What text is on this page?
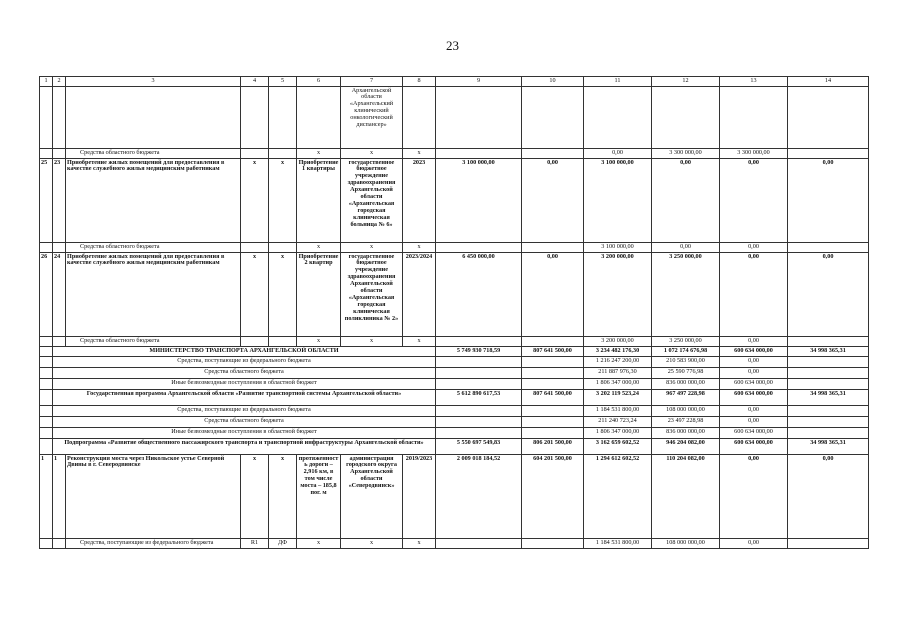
23
1	2	3	4	5	6	7	8	9	10	11	12	13	14
						Архангельской области «Архангельский клинический онкологический диспансер»							
		Средства областного бюджета			x	x	x			0,00	3 300 000,00	3 300 000,00	
25	23	Приобретение жилых помещений для предоставления в качестве служебного жилья медицинским работникам	x	x	Приобретение 1 квартиры	государственное бюджетное учреждение здравоохранения Архангельской области «Архангельская городская клиническая больница № 6»	2023	3 100 000,00	0,00	3 100 000,00	0,00	0,00	0,00
		Средства областного бюджета			x	x	x			3 100 000,00	0,00	0,00	
26	24	Приобретение жилых помещений для предоставления в качестве служебного жилья медицинским работникам	x	x	Приобретение 2 квартир	государственное бюджетное учреждение здравоохранения Архангельской области «Архангельская городская клиническая поликлиника № 2»	2023/2024	6 450 000,00	0,00	3 200 000,00	3 250 000,00	0,00	0,00
		Средства областного бюджета			x	x	x			3 200 000,00	3 250 000,00	0,00	
	МИНИСТЕРСТВО ТРАНСПОРТА АРХАНГЕЛЬСКОЙ ОБЛАСТИ							5 749 930 718,59	807 641 500,00	3 234 482 176,30	1 072 174 676,98	600 634 000,00	34 998 365,31
	Средства, поступающие из федерального бюджета									1 216 247 200,00	210 583 900,00	0,00	
	Средства областного бюджета									211 887 976,30	25 590 776,98	0,00	
	Иные безвозмездные поступления в областной бюджет									1 806 347 000,00	836 000 000,00	600 634 000,00	
	Государственная программа Архангельской области «Развитие транспортной системы Архангельской области»							5 612 890 617,53	807 641 500,00	3 202 119 523,24	967 497 228,98	600 634 000,00	34 998 365,31
	Средства, поступающие из федерального бюджета									1 184 531 800,00	108 000 000,00	0,00	
	Средства областного бюджета									211 240 723,24	23 497 228,98	0,00	
	Иные безвозмездные поступления в областной бюджет									1 806 347 000,00	836 000 000,00	600 634 000,00	
	Подпрограмма «Развитие общественного пассажирского транспорта и транспортной инфраструктуры Архангельской области»							5 550 697 549,83	806 201 500,00	3 162 659 602,52	946 204 082,00	600 634 000,00	34 998 365,31
1	1	Реконструкция моста через Никольское устье Северной Двины в г. Северодвинске	x	x	протяженность дороги – 2,916 км, в том числе моста – 185,8 пог. м	администрация городского округа Архангельской области «Северодвинск»	2019/2023	2 009 018 184,52	604 201 500,00	1 294 612 602,52	110 204 082,00	0,00	0,00
		Средства, поступающие из федерального бюджета	R1	ДФ	x	x	x			1 184 531 800,00	108 000 000,00	0,00	
